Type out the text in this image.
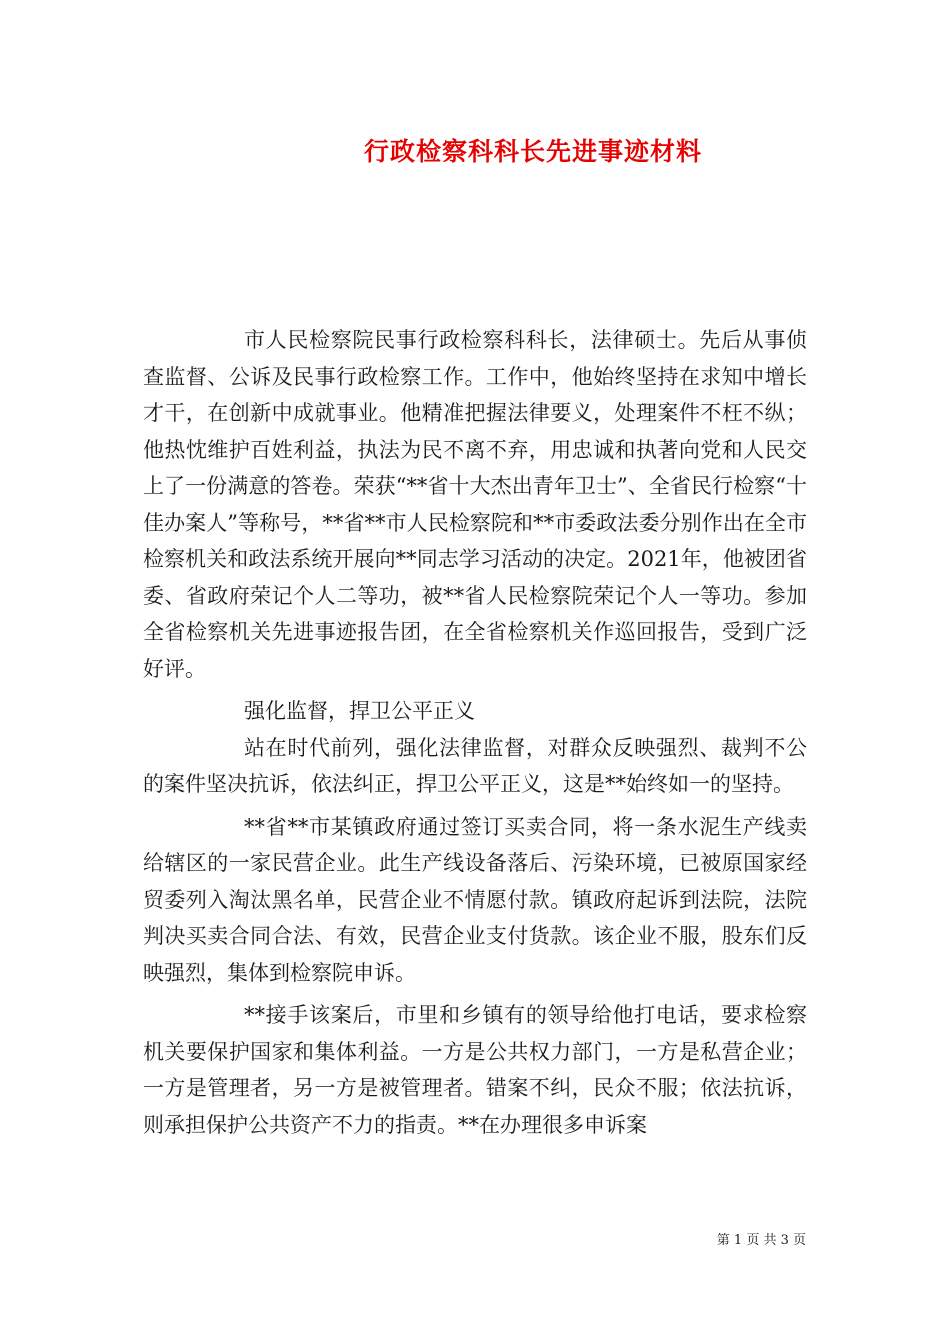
行政检察科科长先进事迹材料

市人民检察院民事行政检察科科长，法律硕士。先后从事侦查监督、公诉及民事行政检察工作。工作中，他始终坚持在求知中增长才干，在创新中成就事业。他精准把握法律要义，处理案件不枉不纵；他热忱维护百姓利益，执法为民不离不弃，用忠诚和执著向党和人民交上了一份满意的答卷。荣获“**省十大杰出青年卫士”、全省民行检察“十佳办案人”等称号，**省**市人民检察院和**市委政法委分别作出在全市检察机关和政法系统开展向**同志学习活动的决定。2021年，他被团省委、省政府荣记个人二等功，被**省人民检察院荣记个人一等功。参加全省检察机关先进事迹报告团，在全省检察机关作巡回报告，受到广泛好评。

强化监督，捍卫公平正义

站在时代前列，强化法律监督，对群众反映强烈、裁判不公的案件坚决抗诉，依法纠正，捍卫公平正义，这是**始终如一的坚持。

**省**市某镇政府通过签订买卖合同，将一条水泥生产线卖给辖区的一家民营企业。此生产线设备落后、污染环境，已被原国家经贸委列入淘汰黑名单，民营企业不情愿付款。镇政府起诉到法院，法院判决买卖合同合法、有效，民营企业支付货款。该企业不服，股东们反映强烈，集体到检察院申诉。

**接手该案后，市里和乡镇有的领导给他打电话，要求检察机关要保护国家和集体利益。一方是公共权力部门，一方是私营企业；一方是管理者，另一方是被管理者。错案不纠，民众不服；依法抗诉，则承担保护公共资产不力的指责。**在办理很多申诉案

第 1 页 共 3 页
